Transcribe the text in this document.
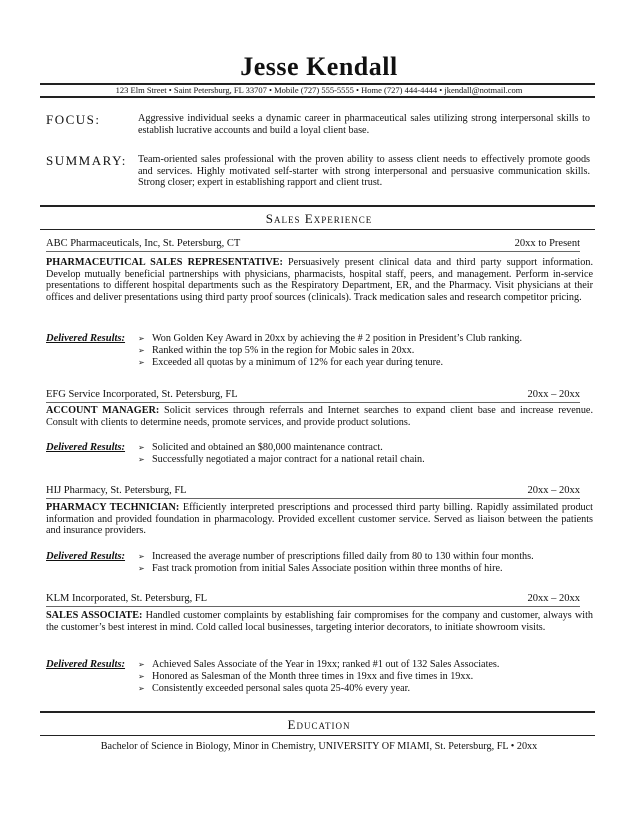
Jesse Kendall
123 Elm Street • Saint Petersburg, FL 33707 • Mobile (727) 555-5555 • Home (727) 444-4444 • jkendall@notmail.com
FOCUS:	Aggressive individual seeks a dynamic career in pharmaceutical sales utilizing strong interpersonal skills to establish lucrative accounts and build a loyal client base.
SUMMARY: Team-oriented sales professional with the proven ability to assess client needs to effectively promote goods and services. Highly motivated self-starter with strong interpersonal and persuasive communication skills. Strong closer; expert in establishing rapport and client trust.
Sales Experience
ABC Pharmaceuticals, Inc, St. Petersburg, CT	20xx to Present
PHARMACEUTICAL SALES REPRESENTATIVE: Persuasively present clinical data and third party support information. Develop mutually beneficial partnerships with physicians, pharmacists, hospital staff, peers, and management. Perform in-service presentations to different hospital departments such as the Respiratory Department, ER, and the Pharmacy. Visit physicians at their offices and deliver presentations using third party proof sources (clinicals). Track medication sales and research competitor pricing.
Delivered Results:	➢ Won Golden Key Award in 20xx by achieving the # 2 position in President’s Club ranking.
➢ Ranked within the top 5% in the region for Mobic sales in 20xx.
➢ Exceeded all quotas by a minimum of 12% for each year during tenure.
EFG Service Incorporated, St. Petersburg, FL	20xx – 20xx
ACCOUNT MANAGER: Solicit services through referrals and Internet searches to expand client base and increase revenue. Consult with clients to determine needs, promote services, and provide product solutions.
Delivered Results:	➢ Solicited and obtained an $80,000 maintenance contract.
➢ Successfully negotiated a major contract for a national retail chain.
HIJ Pharmacy, St. Petersburg, FL	20xx – 20xx
PHARMACY TECHNICIAN: Efficiently interpreted prescriptions and processed third party billing. Rapidly assimilated product information and provided foundation in pharmacology. Provided excellent customer service. Served as liaison between the patients and insurance providers.
Delivered Results:	➢ Increased the average number of prescriptions filled daily from 80 to 130 within four months.
➢ Fast track promotion from initial Sales Associate position within three months of hire.
KLM Incorporated, St. Petersburg, FL	20xx – 20xx
SALES ASSOCIATE: Handled customer complaints by establishing fair compromises for the company and customer, always with the customer’s best interest in mind. Cold called local businesses, targeting interior decorators, to initiate showroom visits.
Delivered Results:	➢ Achieved Sales Associate of the Year in 19xx; ranked #1 out of 132 Sales Associates.
➢ Honored as Salesman of the Month three times in 19xx and five times in 19xx.
➢ Consistently exceeded personal sales quota 25-40% every year.
Education
Bachelor of Science in Biology, Minor in Chemistry, UNIVERSITY OF MIAMI, St. Petersburg, FL • 20xx
